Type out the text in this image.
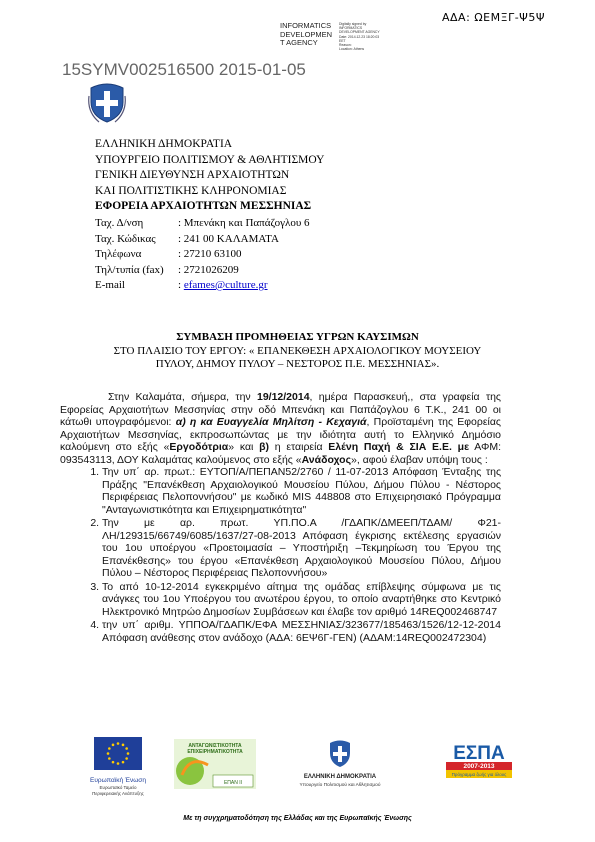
ΑΔΑ: ΩΕΜΞΓ-Ψ5Ψ
INFORMATICS
DEVELOPMEN
T AGENCY
Digitally signed by
INFORMATICS
DEVELOPMENT AGENCY
Date: 2014.12.23 18:20:03
EET
Reason:
Location: Athens
15SYMV002516500 2015-01-05
ΕΛΛΗΝΙΚΗ ΔΗΜΟΚΡΑΤΙΑ
ΥΠΟΥΡΓΕΙΟ ΠΟΛΙΤΙΣΜΟΥ & ΑΘΛΗΤΙΣΜΟΥ
ΓΕΝΙΚΗ ΔΙΕΥΘΥΝΣΗ ΑΡΧΑΙΟΤΗΤΩΝ
ΚΑΙ ΠΟΛΙΤΙΣΤΙΚΗΣ ΚΛΗΡΟΝΟΜΙΑΣ
ΕΦΟΡΕΙΑ ΑΡΧΑΙΟΤΗΤΩΝ ΜΕΣΣΗΝΙΑΣ
Ταχ. Δ/νση	: Μπενάκη και Παπάζογλου 6
Ταχ. Κώδικας	: 241 00 ΚΑΛΑΜΑΤΑ
Τηλέφωνα	: 27210 63100
Τηλ/τυπία (fax)	: 2721026209
E-mail	: efames@culture.gr
ΣΥΜΒΑΣΗ ΠΡΟΜΗΘΕΙΑΣ ΥΓΡΩΝ ΚΑΥΣΙΜΩΝ
ΣΤΟ ΠΛΑΙΣΙΟ ΤΟΥ ΕΡΓΟΥ: « ΕΠΑΝΕΚΘΕΣΗ ΑΡΧΑΙΟΛΟΓΙΚΟΥ ΜΟΥΣΕΙΟΥ
ΠΥΛΟΥ, ΔΗΜΟΥ ΠΥΛΟΥ – ΝΕΣΤΟΡΟΣ Π.Ε. ΜΕΣΣΗΝΙΑΣ».

Στην Καλαμάτα, σήμερα, την 19/12/2014, ημέρα Παρασκευή,, στα γραφεία της Εφορείας Αρχαιοτήτων Μεσσηνίας στην οδό Μπενάκη και Παπάζογλου 6 Τ.Κ., 241 00 οι κάτωθι υπογραφόμενοι: α) η κα Ευαγγελία Μηλίτση - Κεχαγιά, Προϊσταμένη της Εφορείας Αρχαιοτήτων Μεσσηνίας, εκπροσωπώντας με την ιδιότητα αυτή το Ελληνικό Δημόσιο καλούμενη στο εξής «Εργοδότρια» και β) η εταιρεία Ελένη Παχή & ΣΙΑ Ε.Ε. με ΑΦΜ: 093543113, ΔΟΥ Καλαμάτας καλούμενος στο εξής «Ανάδοχος», αφού έλαβαν υπόψη τους :

1. Την υπ΄ αρ. πρωτ.: ΕΥΤΟΠ/Α/ΠΕΠΑΝ52/2760 / 11-07-2013 Απόφαση Ένταξης της Πράξης "Επανέκθεση Αρχαιολογικού Μουσείου Πύλου, Δήμου Πύλου - Νέστορος Περιφέρειας Πελοποννήσου" με κωδικό MIS 448808 στο Επιχειρησιακό Πρόγραμμα "Ανταγωνιστικότητα και Επιχειρηματικότητα"
2. Την με αρ. πρωτ. ΥΠ.ΠΟ.Α /ΓΔΑΠΚ/ΔΜΕΕΠ/ΤΔΑΜ/ Φ21-ΛΗ/129315/66749/6085/1637/27-08-2013 Απόφαση έγκρισης εκτέλεσης εργασιών του 1ου υποέργου «Προετοιμασία – Υποστήριξη –Τεκμηρίωση του Έργου της Επανέκθεσης» του έργου «Επανέκθεση Αρχαιολογικού Μουσείου Πύλου, Δήμου Πύλου – Νέστορος Περιφέρειας Πελοποννήσου»
3. Το από 10-12-2014 εγκεκριμένο αίτημα της ομάδας επίβλεψης σύμφωνα με τις ανάγκες του 1ου Υποέργου του ανωτέρου έργου, το οποίο αναρτήθηκε στο Κεντρικό Ηλεκτρονικό Μητρώο Δημοσίων Συμβάσεων και έλαβε τον αριθμό 14REQ002468747
4. την υπ΄ αριθμ. ΥΠΠΟΑ/ΓΔΑΠΚ/ΕΦΑ ΜΕΣΣΗΝΙΑΣ/323677/185463/1526/12-12-2014 Απόφαση ανάθεσης στον ανάδοχο (ΑΔΑ: 6ΕΨ6Γ-ΓΕΝ) (ΑΔΑΜ:14REQ002472304)
Ευρωπαϊκή Ένωση
Ευρωπαϊκό Ταμείο
Περιφερειακής Ανάπτυξης
ΑΝΤΑΓΩΝΙΣΤΙΚΟΤΗΤΑ
ΕΠΙΧΕΙΡΗΜΑΤΙΚΟΤΗΤΑ
ΕΠΑΝ ΙΙ
ΕΛΛΗΝΙΚΗ ΔΗΜΟΚΡΑΤΙΑ
Υπουργείο Πολιτισμού και Αθλητισμού
ΕΣΠΑ
2007-2013
Πρόγραμμα ζωής για όλους
Με τη συγχρηματοδότηση της Ελλάδας και της Ευρωπαϊκής Ένωσης
